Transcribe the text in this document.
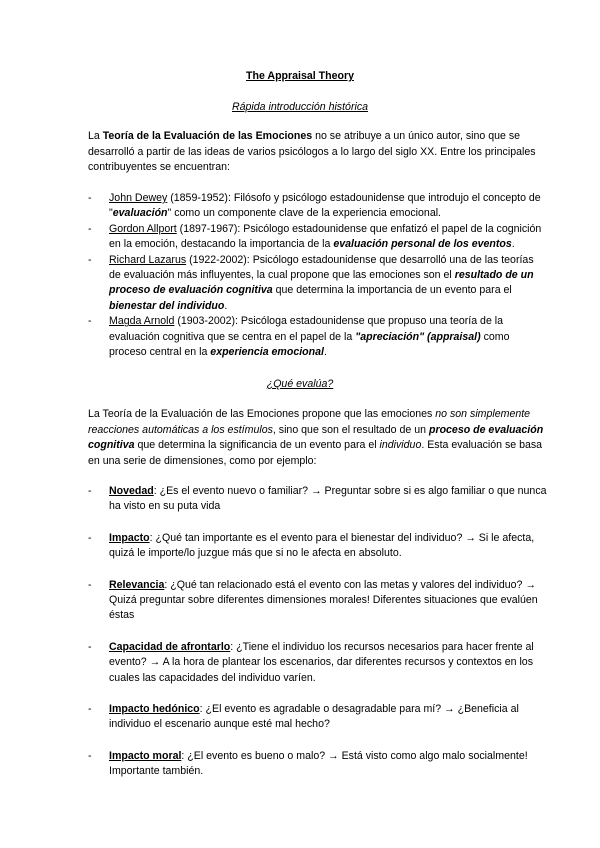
The Appraisal Theory
Rápida introducción histórica

La Teoría de la Evaluación de las Emociones no se atribuye a un único autor, sino que se desarrolló a partir de las ideas de varios psicólogos a lo largo del siglo XX. Entre los principales contribuyentes se encuentran:

- John Dewey (1859-1952): Filósofo y psicólogo estadounidense que introdujo el concepto de "evaluación" como un componente clave de la experiencia emocional.
- Gordon Allport (1897-1967): Psicólogo estadounidense que enfatizó el papel de la cognición en la emoción, destacando la importancia de la evaluación personal de los eventos.
- Richard Lazarus (1922-2002): Psicólogo estadounidense que desarrolló una de las teorías de evaluación más influyentes, la cual propone que las emociones son el resultado de un proceso de evaluación cognitiva que determina la importancia de un evento para el bienestar del individuo.
- Magda Arnold (1903-2002): Psicóloga estadounidense que propuso una teoría de la evaluación cognitiva que se centra en el papel de la "apreciación" (appraisal) como proceso central en la experiencia emocional.
¿Qué evalúa?

La Teoría de la Evaluación de las Emociones propone que las emociones no son simplemente reacciones automáticas a los estímulos, sino que son el resultado de un proceso de evaluación cognitiva que determina la significancia de un evento para el individuo. Esta evaluación se basa en una serie de dimensiones, como por ejemplo:

- Novedad: ¿Es el evento nuevo o familiar? → Preguntar sobre si es algo familiar o que nunca ha visto en su puta vida
- Impacto: ¿Qué tan importante es el evento para el bienestar del individuo? → Si le afecta, quizá le importe/lo juzgue más que si no le afecta en absoluto.
- Relevancia: ¿Qué tan relacionado está el evento con las metas y valores del individuo? → Quizá preguntar sobre diferentes dimensiones morales! Diferentes situaciones que evalúen éstas
- Capacidad de afrontarlo: ¿Tiene el individuo los recursos necesarios para hacer frente al evento? → A la hora de plantear los escenarios, dar diferentes recursos y contextos en los cuales las capacidades del individuo varíen.
- Impacto hedónico: ¿El evento es agradable o desagradable para mí? → ¿Beneficia al individuo el escenario aunque esté mal hecho?
- Impacto moral: ¿El evento es bueno o malo? → Está visto como algo malo socialmente! Importante también.
